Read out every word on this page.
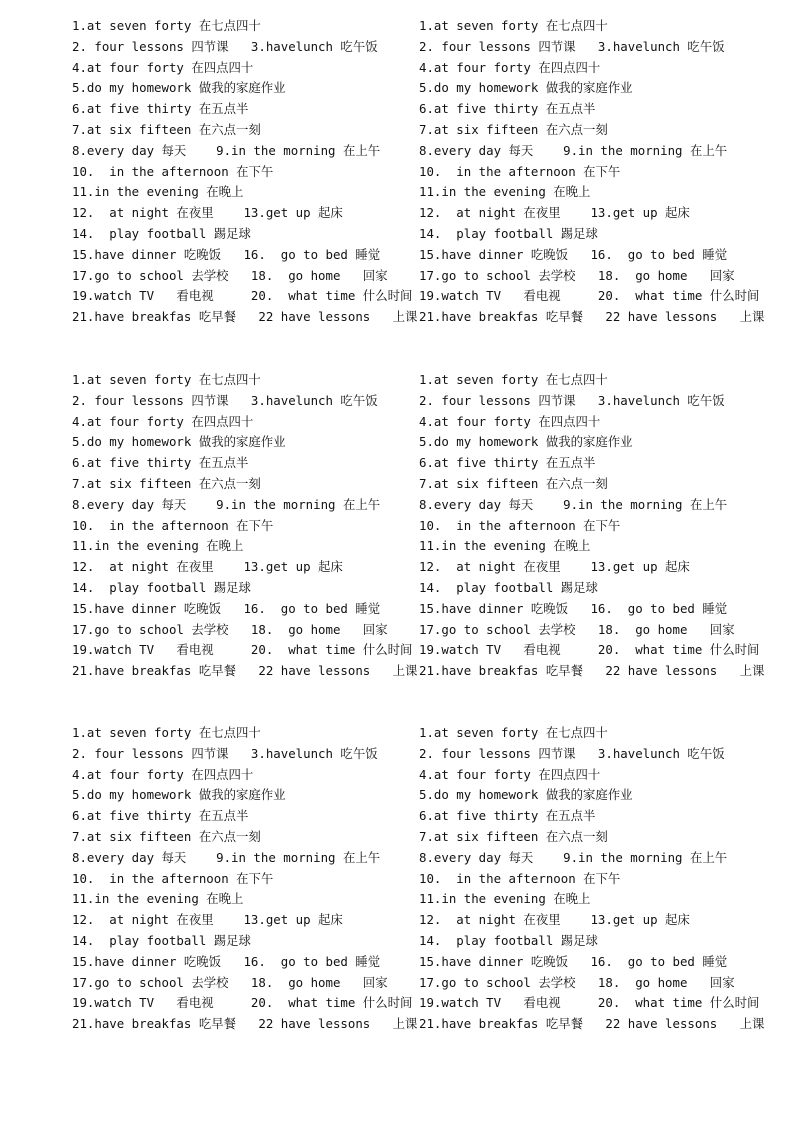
1.at seven forty 在七点四十
2. four lessons 四节课   3.havelunch 吃午饭
4.at four forty 在四点四十
5.do my homework 做我的家庭作业
6.at five thirty 在五点半
7.at six fifteen 在六点一刻
8.every day 每天    9.in the morning 在上午
10.  in the afternoon 在下午
11.in the evening 在晚上
12.  at night 在夜里    13.get up 起床
14.  play football 踢足球
15.have dinner 吃晚饭   16.  go to bed 睡觉
17.go to school 去学校   18.  go home   回家
19.watch TV   看电视     20.  what time 什么时间
21.have breakfas 吃早餐   22 have lessons   上课
1.at seven forty 在七点四十
2. four lessons 四节课   3.havelunch 吃午饭
4.at four forty 在四点四十
5.do my homework 做我的家庭作业
6.at five thirty 在五点半
7.at six fifteen 在六点一刻
8.every day 每天    9.in the morning 在上午
10.  in the afternoon 在下午
11.in the evening 在晚上
12.  at night 在夜里    13.get up 起床
14.  play football 踢足球
15.have dinner 吃晚饭   16.  go to bed 睡觉
17.go to school 去学校   18.  go home   回家
19.watch TV   看电视     20.  what time 什么时间
21.have breakfas 吃早餐   22 have lessons   上课
1.at seven forty 在七点四十
2. four lessons 四节课   3.havelunch 吃午饭
4.at four forty 在四点四十
5.do my homework 做我的家庭作业
6.at five thirty 在五点半
7.at six fifteen 在六点一刻
8.every day 每天    9.in the morning 在上午
10.  in the afternoon 在下午
11.in the evening 在晚上
12.  at night 在夜里    13.get up 起床
14.  play football 踢足球
15.have dinner 吃晚饭   16.  go to bed 睡觉
17.go to school 去学校   18.  go home   回家
19.watch TV   看电视     20.  what time 什么时间
21.have breakfas 吃早餐   22 have lessons   上课
1.at seven forty 在七点四十
2. four lessons 四节课   3.havelunch 吃午饭
4.at four forty 在四点四十
5.do my homework 做我的家庭作业
6.at five thirty 在五点半
7.at six fifteen 在六点一刻
8.every day 每天    9.in the morning 在上午
10.  in the afternoon 在下午
11.in the evening 在晚上
12.  at night 在夜里    13.get up 起床
14.  play football 踢足球
15.have dinner 吃晚饭   16.  go to bed 睡觉
17.go to school 去学校   18.  go home   回家
19.watch TV   看电视     20.  what time 什么时间
21.have breakfas 吃早餐   22 have lessons   上课
1.at seven forty 在七点四十
2. four lessons 四节课   3.havelunch 吃午饭
4.at four forty 在四点四十
5.do my homework 做我的家庭作业
6.at five thirty 在五点半
7.at six fifteen 在六点一刻
8.every day 每天    9.in the morning 在上午
10.  in the afternoon 在下午
11.in the evening 在晚上
12.  at night 在夜里    13.get up 起床
14.  play football 踢足球
15.have dinner 吃晚饭   16.  go to bed 睡觉
17.go to school 去学校   18.  go home   回家
19.watch TV   看电视     20.  what time 什么时间
21.have breakfas 吃早餐   22 have lessons   上课
1.at seven forty 在七点四十
2. four lessons 四节课   3.havelunch 吃午饭
4.at four forty 在四点四十
5.do my homework 做我的家庭作业
6.at five thirty 在五点半
7.at six fifteen 在六点一刻
8.every day 每天    9.in the morning 在上午
10.  in the afternoon 在下午
11.in the evening 在晚上
12.  at night 在夜里    13.get up 起床
14.  play football 踢足球
15.have dinner 吃晚饭   16.  go to bed 睡觉
17.go to school 去学校   18.  go home   回家
19.watch TV   看电视     20.  what time 什么时间
21.have breakfas 吃早餐   22 have lessons   上课
